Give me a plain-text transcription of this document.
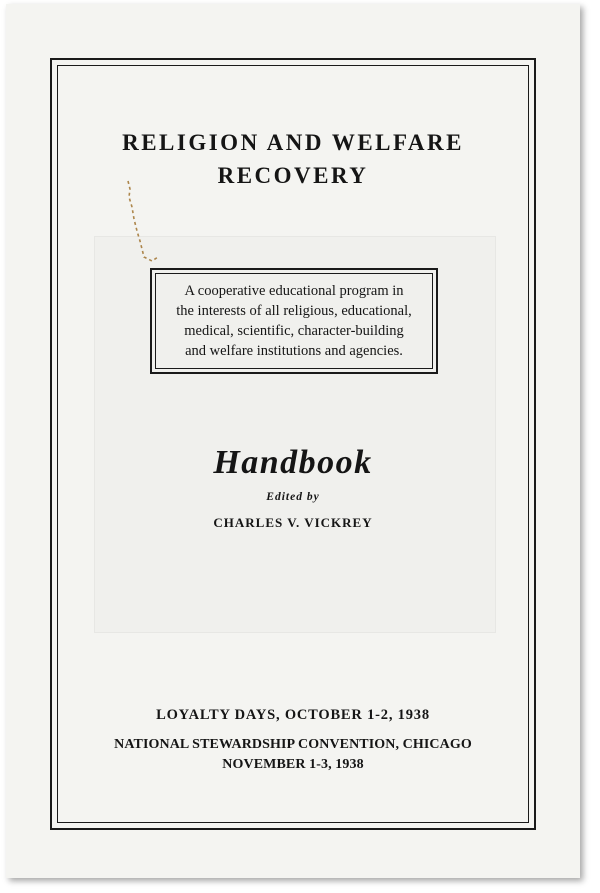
RELIGION AND WELFARE
RECOVERY
A cooperative educational program in
the interests of all religious, educational,
medical, scientific, character-building
and welfare institutions and agencies.
Handbook
Edited by
CHARLES V. VICKREY
LOYALTY DAYS, OCTOBER 1-2, 1938
NATIONAL STEWARDSHIP CONVENTION, CHICAGO
NOVEMBER 1-3, 1938
